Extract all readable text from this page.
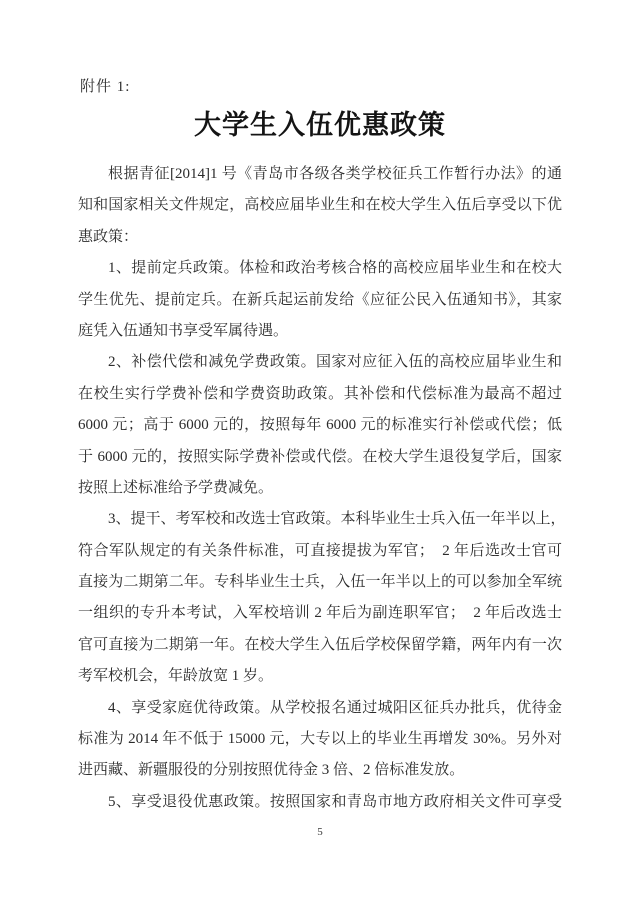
附件 1:
大学生入伍优惠政策
根据青征[2014]1 号《青岛市各级各类学校征兵工作暂行办法》的通
知和国家相关文件规定，高校应届毕业生和在校大学生入伍后享受以下优
惠政策：
1、提前定兵政策。体检和政治考核合格的高校应届毕业生和在校大
学生优先、提前定兵。在新兵起运前发给《应征公民入伍通知书》，其家
庭凭入伍通知书享受军属待遇。
2、补偿代偿和减免学费政策。国家对应征入伍的高校应届毕业生和
在校生实行学费补偿和学费资助政策。其补偿和代偿标准为最高不超过
6000 元；高于 6000 元的，按照每年 6000 元的标准实行补偿或代偿；低
于 6000 元的，按照实际学费补偿或代偿。在校大学生退役复学后，国家
按照上述标准给予学费减免。
3、提干、考军校和改选士官政策。本科毕业生士兵入伍一年半以上，
符合军队规定的有关条件标准，可直接提拔为军官；　2 年后选改士官可
直接为二期第二年。专科毕业生士兵，入伍一年半以上的可以参加全军统
一组织的专升本考试，入军校培训 2 年后为副连职军官；　2 年后改选士
官可直接为二期第一年。在校大学生入伍后学校保留学籍，两年内有一次
考军校机会，年龄放宽 1 岁。
4、享受家庭优待政策。从学校报名通过城阳区征兵办批兵，优待金
标准为 2014 年不低于 15000 元，大专以上的毕业生再增发 30%。另外对
进西藏、新疆服役的分别按照优待金 3 倍、2 倍标准发放。
5、享受退役优惠政策。按照国家和青岛市地方政府相关文件可享受
5
